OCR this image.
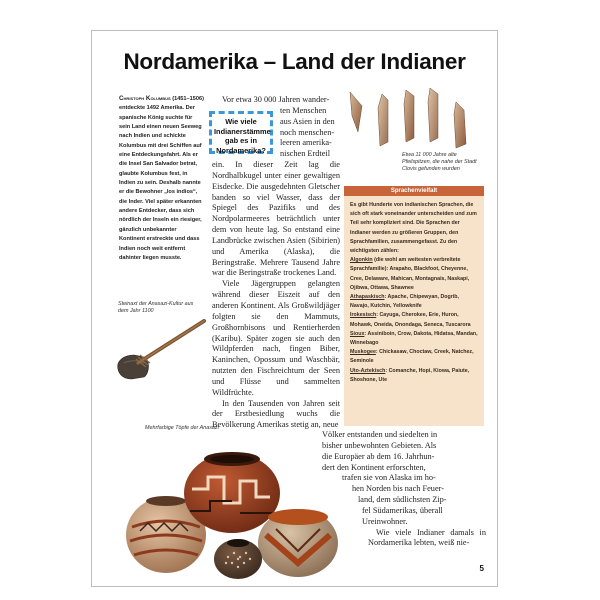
Nordamerika – Land der Indianer
Christoph Kolumbus (1451–1506) entdeckte 1492 Amerika. Der spanische König suchte für sein Land einen neuen Seeweg nach Indien und schickte Kolumbus mit drei Schiffen auf eine Entdeckungsfahrt. Als er die Insel San Salvador betrat, glaubte Kolumbus fest, in Indien zu sein. Deshalb nannte er die Bewohner „los indios“, die Inder. Viel später erkannten andere Entdecker, dass sich nördlich der Inseln ein riesiger, gänzlich unbekannter Kontinent erstreckte und dass Indien noch weit entfernt dahinter liegen musste.
Wie viele Indianerstämme gab es in Nordamerika?
Vor etwa 30 000 Jahren wander-
ten Menschen
aus Asien in den
noch menschen-
leeren amerika-
nischen Erdteil
ein. In dieser Zeit lag die Nordhalbkugel unter einer gewaltigen Eisdecke. Die ausgedehnten Gletscher banden so viel Wasser, dass der Spiegel des Pazifiks und des Nordpolarmeeres beträchtlich unter dem von heute lag. So entstand eine Landbrücke zwischen Asien (Sibirien) und Amerika (Alaska), die Beringstraße. Mehrere Tausend Jahre war die Beringstraße trockenes Land.
Viele Jägergruppen gelangten während dieser Eiszeit auf den anderen Kontinent. Als Großwildjäger folgten sie den Mammuts, Großhornbisons und Rentierherden (Karibu). Später zogen sie auch den Wildpferden nach, fingen Biber, Kaninchen, Opossum und Waschbär, nutzten den Fischreichtum der Seen und Flüsse und sammelten Wildfrüchte.
In den Tausenden von Jahren seit der Erstbesiedlung wuchs die Bevölkerung Amerikas stetig an, neue
Etwa 11 000 Jahre alte Pfeilspitzen, die nahe der Stadt Clovis gefunden wurden
Sprachenvielfalt
Es gibt Hunderte von indianischen Sprachen, die sich oft stark voneinander unterscheiden und zum Teil sehr kompliziert sind. Die Sprachen der Indianer werden zu größeren Gruppen, den Sprachfamilien, zusammengefasst. Zu den wichtigsten zählen:
Algonkin (die wohl am weitesten verbreitete Sprachfamilie): Arapaho, Blackfoot, Cheyenne, Cree, Delaware, Mahican, Montagnais, Naskapi, Ojibwa, Ottawa, Shawnee
Athapaskisch: Apache, Chipewyan, Dogrib, Navajo, Kutchin, Yellowknife
Irokesisch: Cayuga, Cherokee, Erie, Huron, Mohawk, Oneida, Onondaga, Seneca, Tuscarora
Sioux: Assiniboin, Crow, Dakota, Hidatsa, Mandan, Winnebago
Muskogee: Chickasaw, Choctaw, Creek, Natchez, Seminole
Uto-Aztekisch: Comanche, Hopi, Kiowa, Paiute, Shoshone, Ute
Steinaxt der Anasazi-Kultur aus dem Jahr 1100
Mehrfarbige Töpfe der Anasazi
Völker entstanden und siedelten in
bisher unbewohnten Gebieten. Als
die Europäer ab dem 16. Jahrhun-
dert den Kontinent erforschten,
trafen sie von Alaska im ho-
hen Norden bis nach Feuer-
land, dem südlichsten Zip-
fel Südamerikas, überall
Ureinwohner.
Wie viele Indianer damals in Nordamerika lebten, weiß nie-
5
